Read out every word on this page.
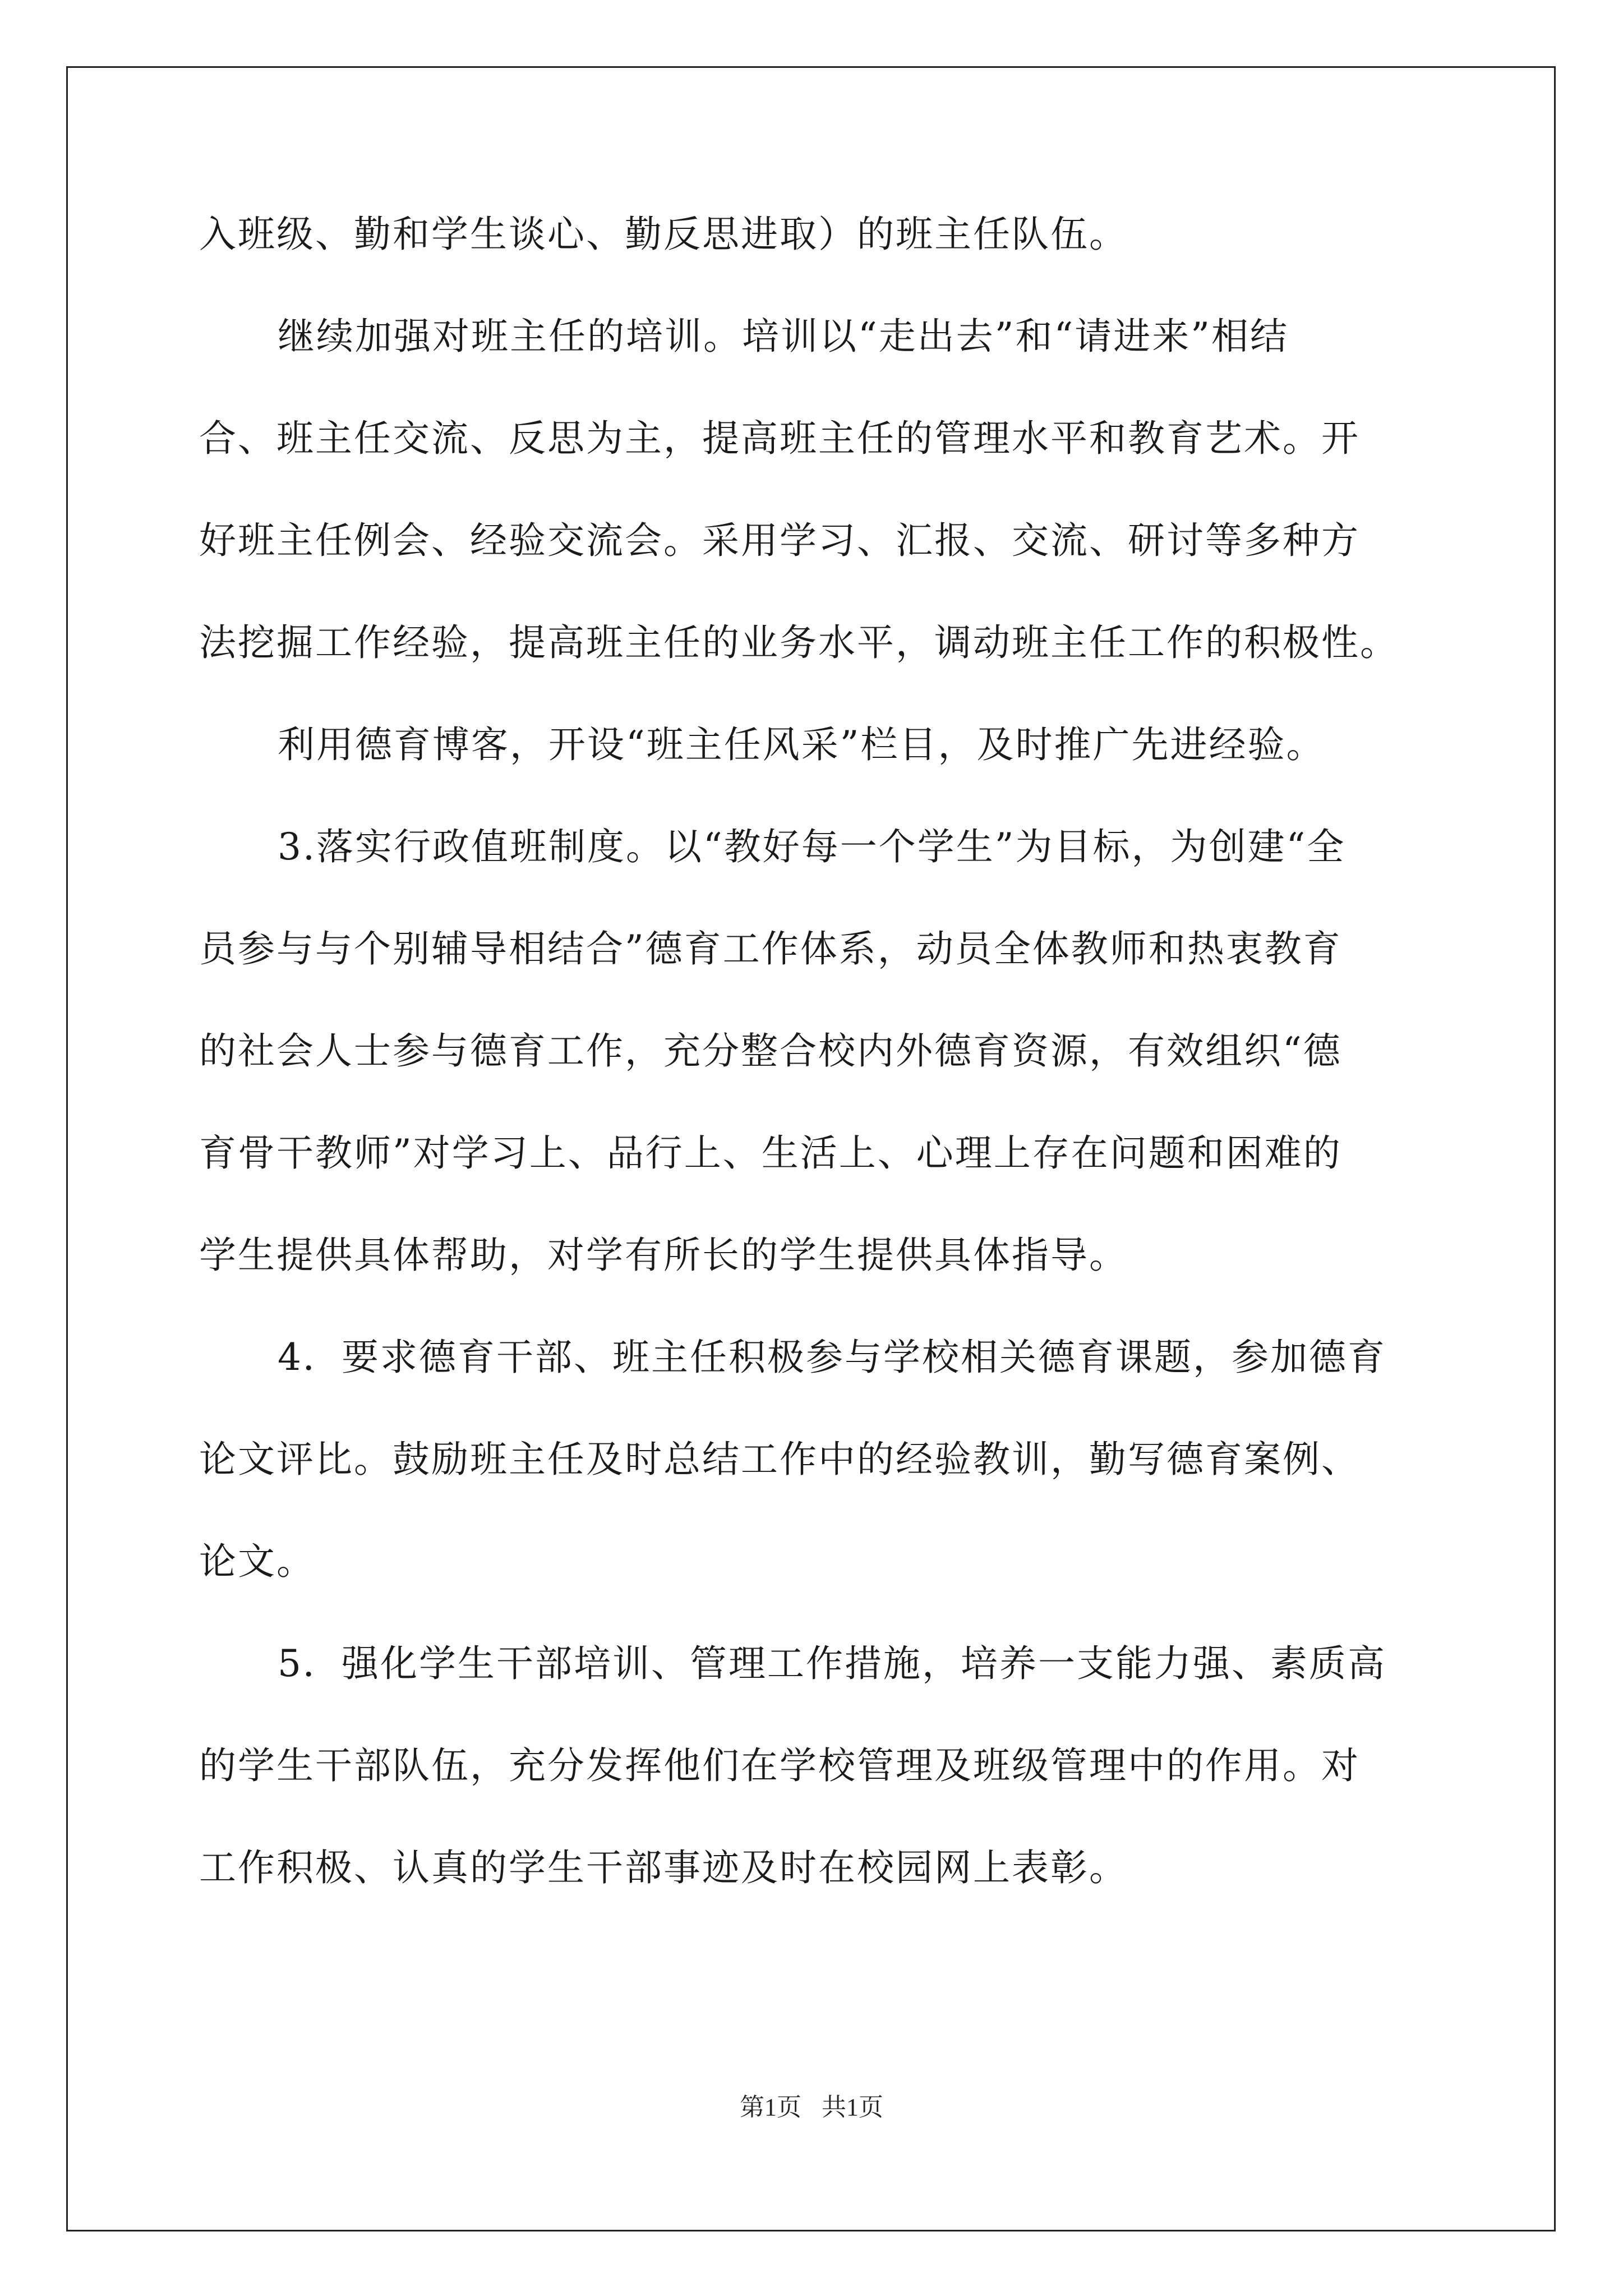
入班级、勤和学生谈心、勤反思进取）的班主任队伍。
继续加强对班主任的培训。培训以“走出去”和“请进来”相结
合、班主任交流、反思为主，提高班主任的管理水平和教育艺术。开
好班主任例会、经验交流会。采用学习、汇报、交流、研讨等多种方
法挖掘工作经验，提高班主任的业务水平，调动班主任工作的积极性。
利用德育博客，开设“班主任风采”栏目，及时推广先进经验。
3.落实行政值班制度。以“教好每一个学生”为目标，为创建“全
员参与与个别辅导相结合”德育工作体系，动员全体教师和热衷教育
的社会人士参与德育工作，充分整合校内外德育资源，有效组织“德
育骨干教师”对学习上、品行上、生活上、心理上存在问题和困难的
学生提供具体帮助，对学有所长的学生提供具体指导。
4．要求德育干部、班主任积极参与学校相关德育课题，参加德育
论文评比。鼓励班主任及时总结工作中的经验教训，勤写德育案例、
论文。
5．强化学生干部培训、管理工作措施，培养一支能力强、素质高
的学生干部队伍，充分发挥他们在学校管理及班级管理中的作用。对
工作积极、认真的学生干部事迹及时在校园网上表彰。
第1页 共1页
